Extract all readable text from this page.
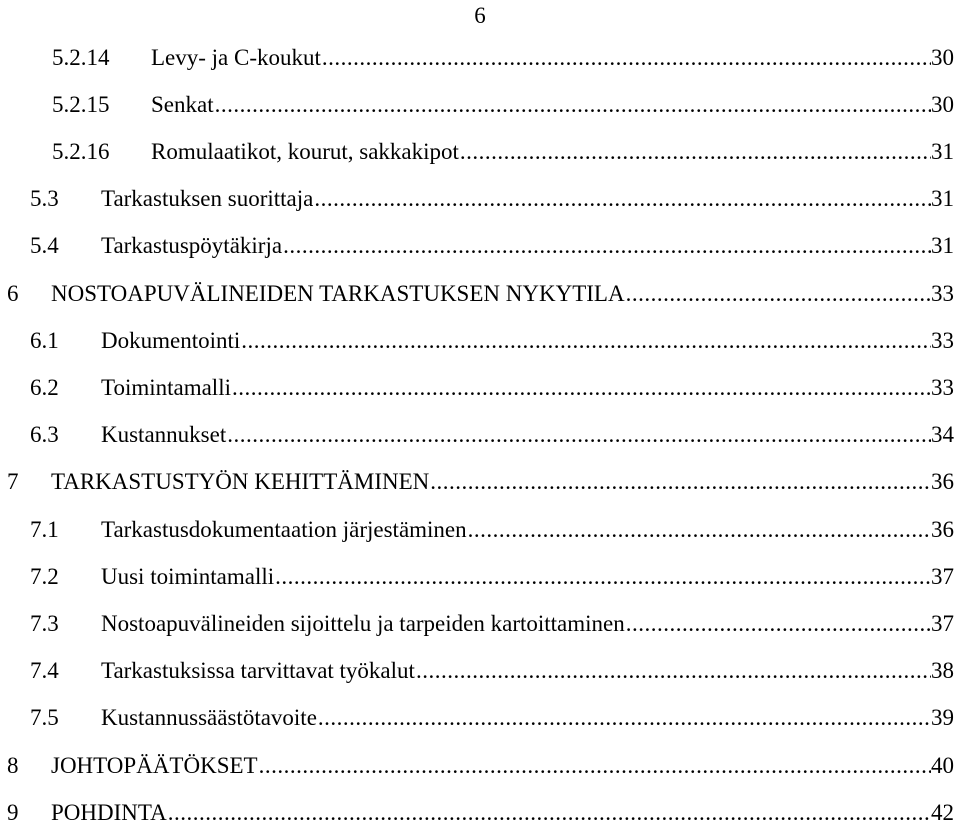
6
5.2.14 Levy- ja C-koukut .....	30
5.2.15 Senkat .....	30
5.2.16 Romulaatikot, kourut, sakkakipot .....	31
5.3 Tarkastuksen suorittaja .....	31
5.4 Tarkastuspöytäkirja .....	31
6 NOSTOAPUVÄLINEIDEN TARKASTUKSEN NYKYTILA .....	33
6.1 Dokumentointi .....	33
6.2 Toimintamalli .....	33
6.3 Kustannukset .....	34
7 TARKASTUSTYÖN KEHITTÄMINEN .....	36
7.1 Tarkastusdokumentaation järjestäminen .....	36
7.2 Uusi toimintamalli .....	37
7.3 Nostoapuvälineiden sijoittelu ja tarpeiden kartoittaminen .....	37
7.4 Tarkastuksissa tarvittavat työkalut .....	38
7.5 Kustannussäästötavoite .....	39
8 JOHTOPÄÄTÖKSET .....	40
9 POHDINTA .....	42
